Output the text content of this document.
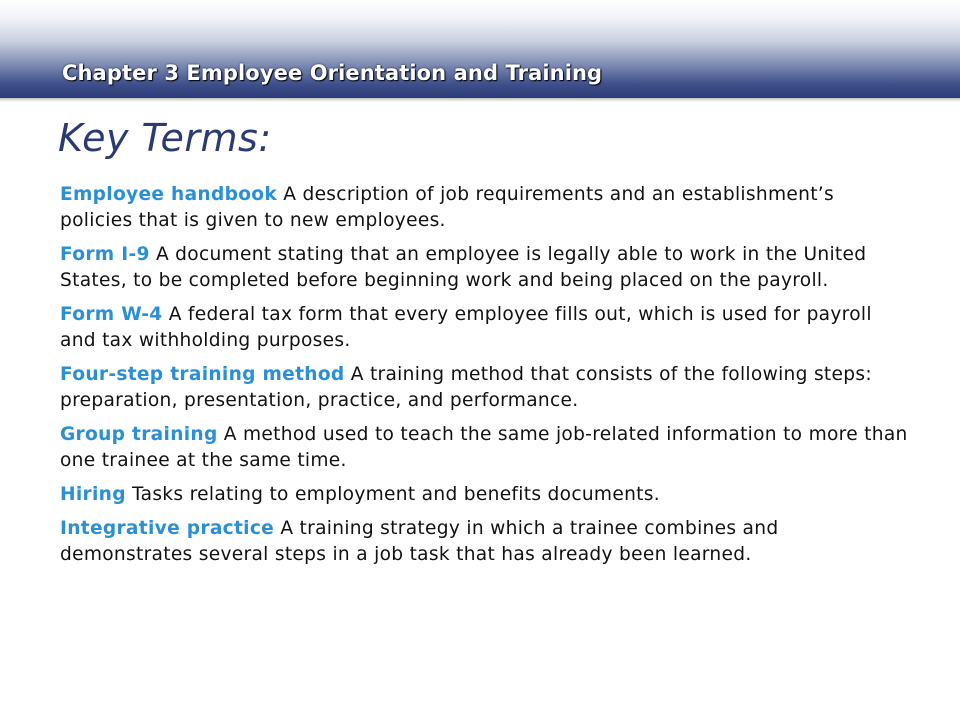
Chapter 3 Employee Orientation and Training
Key Terms:
Employee handbook A description of job requirements and an establishment’s policies that is given to new employees.
Form I-9 A document stating that an employee is legally able to work in the United States, to be completed before beginning work and being placed on the payroll.
Form W-4 A federal tax form that every employee fills out, which is used for payroll and tax withholding purposes.
Four-step training method A training method that consists of the following steps: preparation, presentation, practice, and performance.
Group training A method used to teach the same job-related information to more than one trainee at the same time.
Hiring Tasks relating to employment and benefits documents.
Integrative practice A training strategy in which a trainee combines and demonstrates several steps in a job task that has already been learned.
